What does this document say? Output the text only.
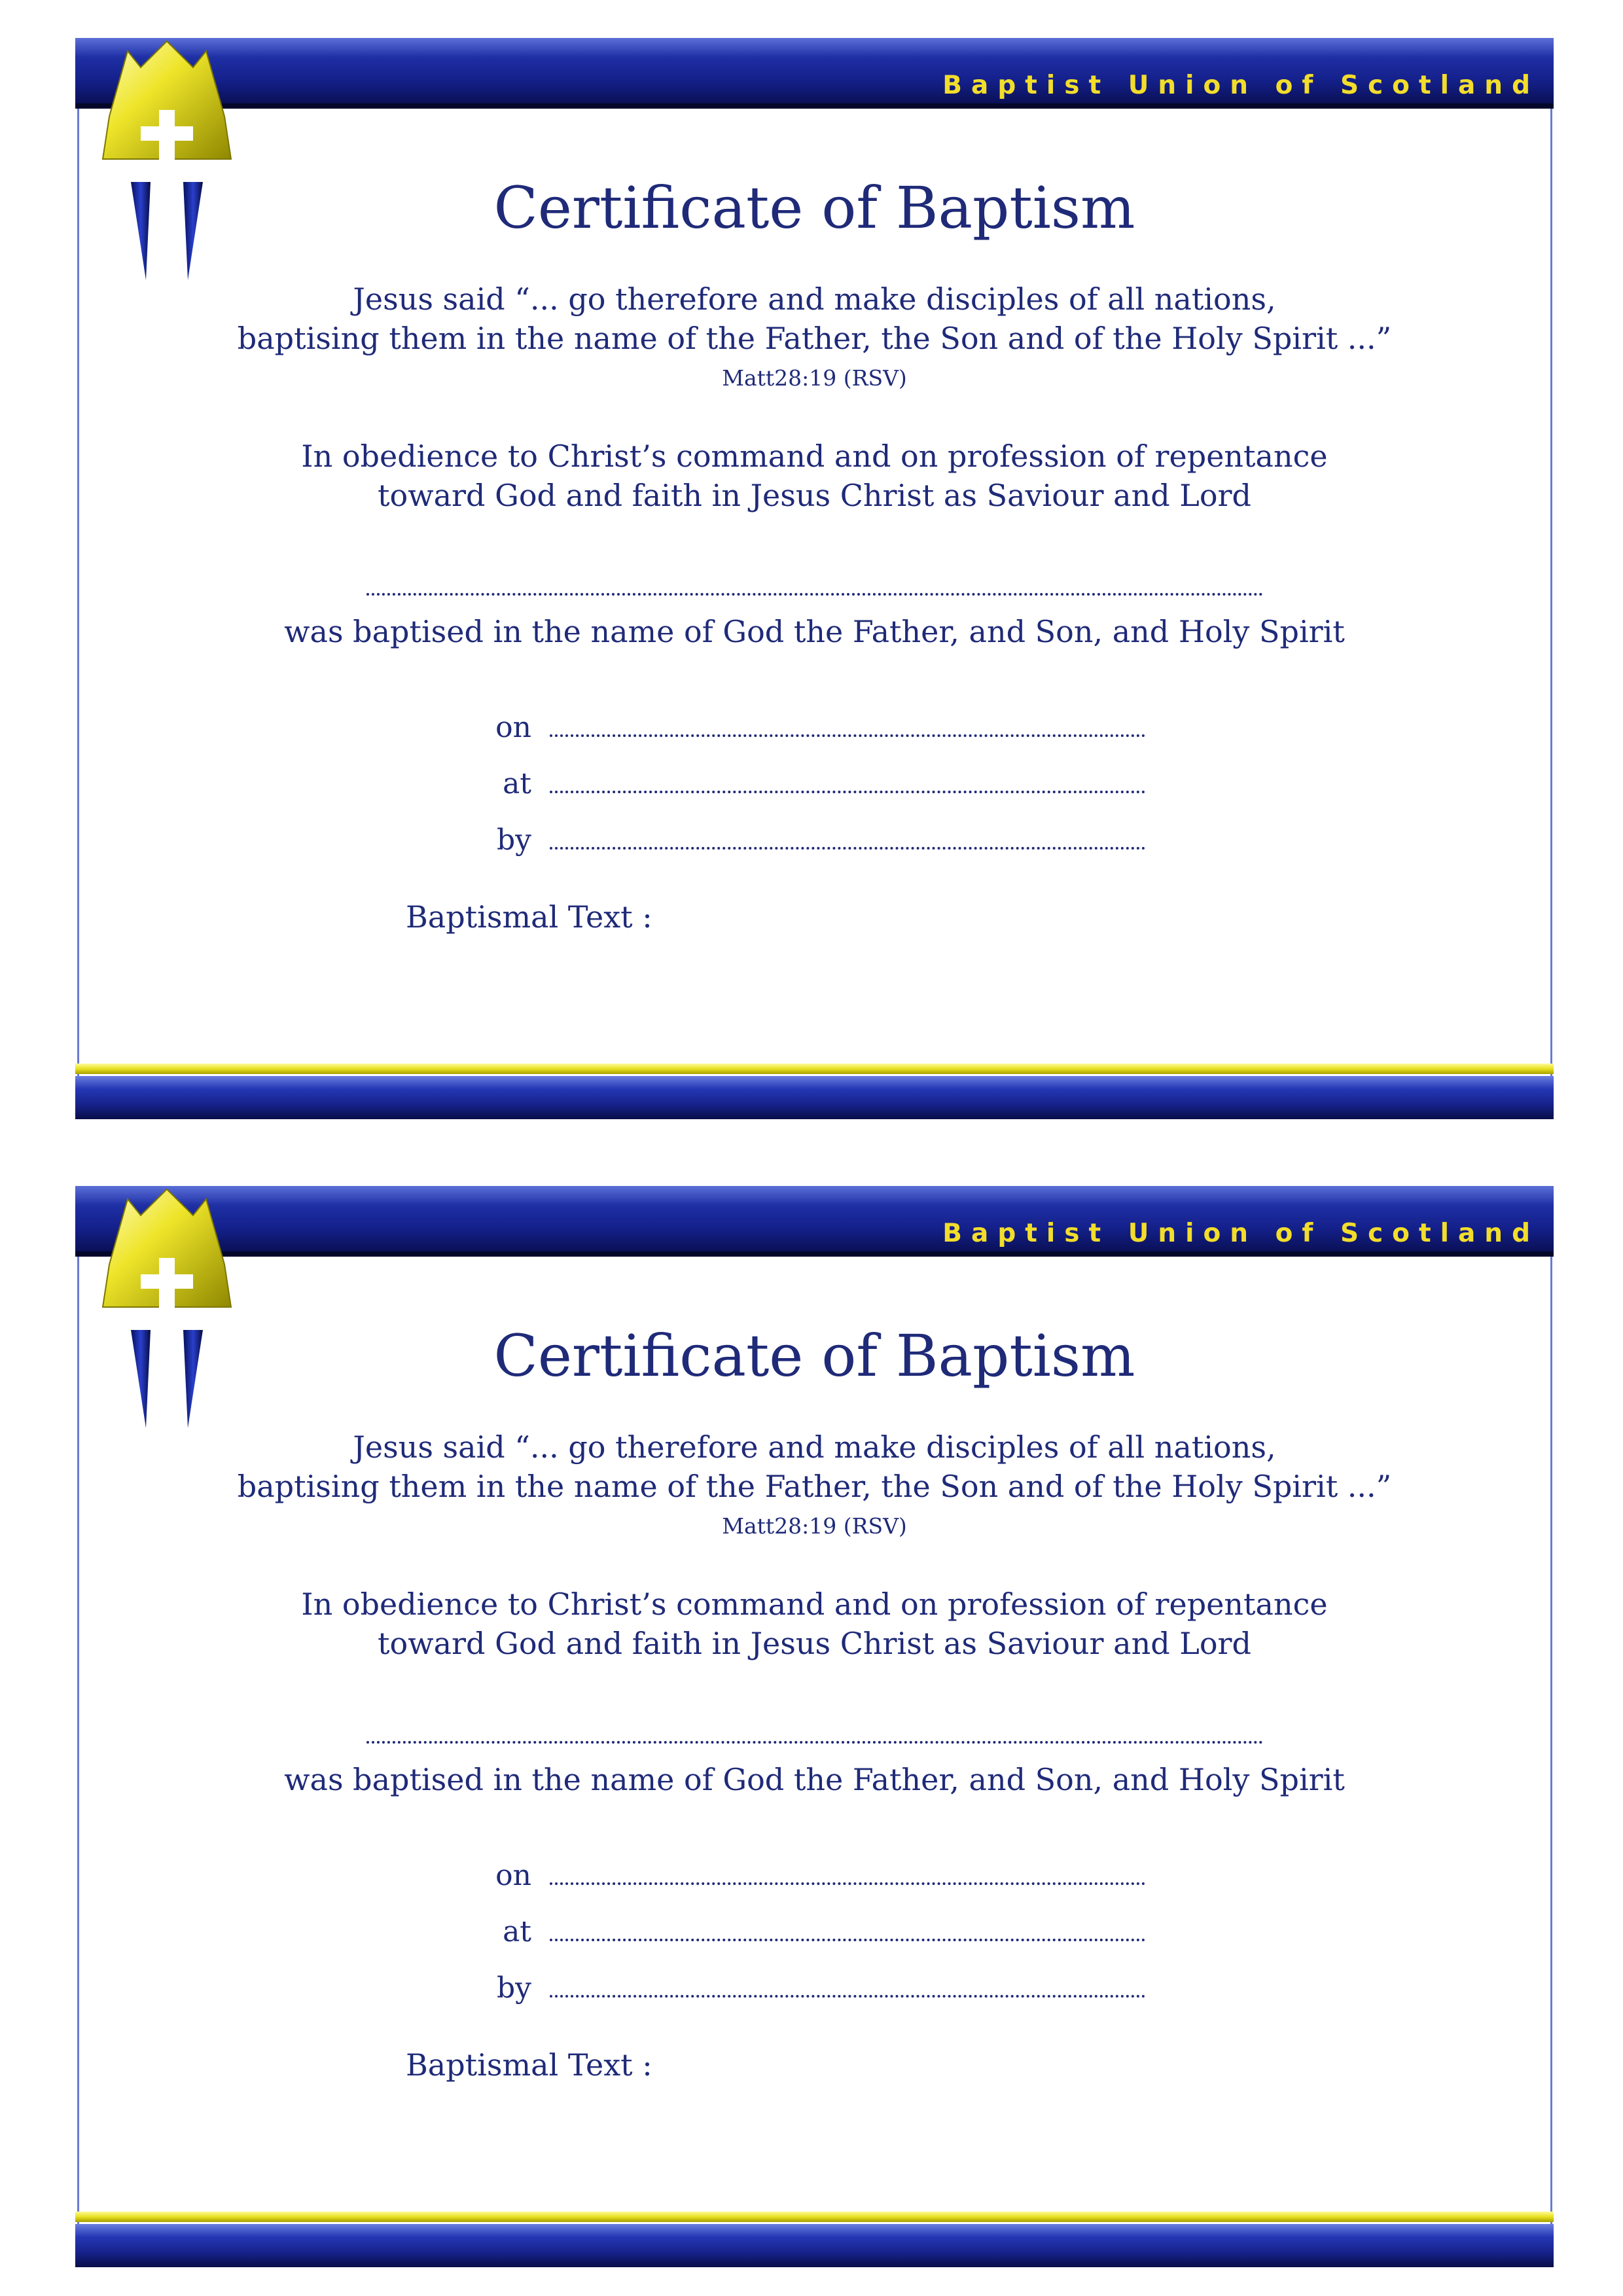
Baptist Union of Scotland
Certificate of Baptism
Jesus said “... go therefore and make disciples of all nations,
baptising them in the name of the Father, the Son and of the Holy Spirit ...”
Matt28:19 (RSV)
In obedience to Christ’s command and on profession of repentance
toward God and faith in Jesus Christ as Saviour and Lord
was baptised in the name of God the Father, and Son, and Holy Spirit
on
at
by
Baptismal Text :
Baptist Union of Scotland
Certificate of Baptism
Jesus said “... go therefore and make disciples of all nations,
baptising them in the name of the Father, the Son and of the Holy Spirit ...”
Matt28:19 (RSV)
In obedience to Christ’s command and on profession of repentance
toward God and faith in Jesus Christ as Saviour and Lord
was baptised in the name of God the Father, and Son, and Holy Spirit
on
at
by
Baptismal Text :
